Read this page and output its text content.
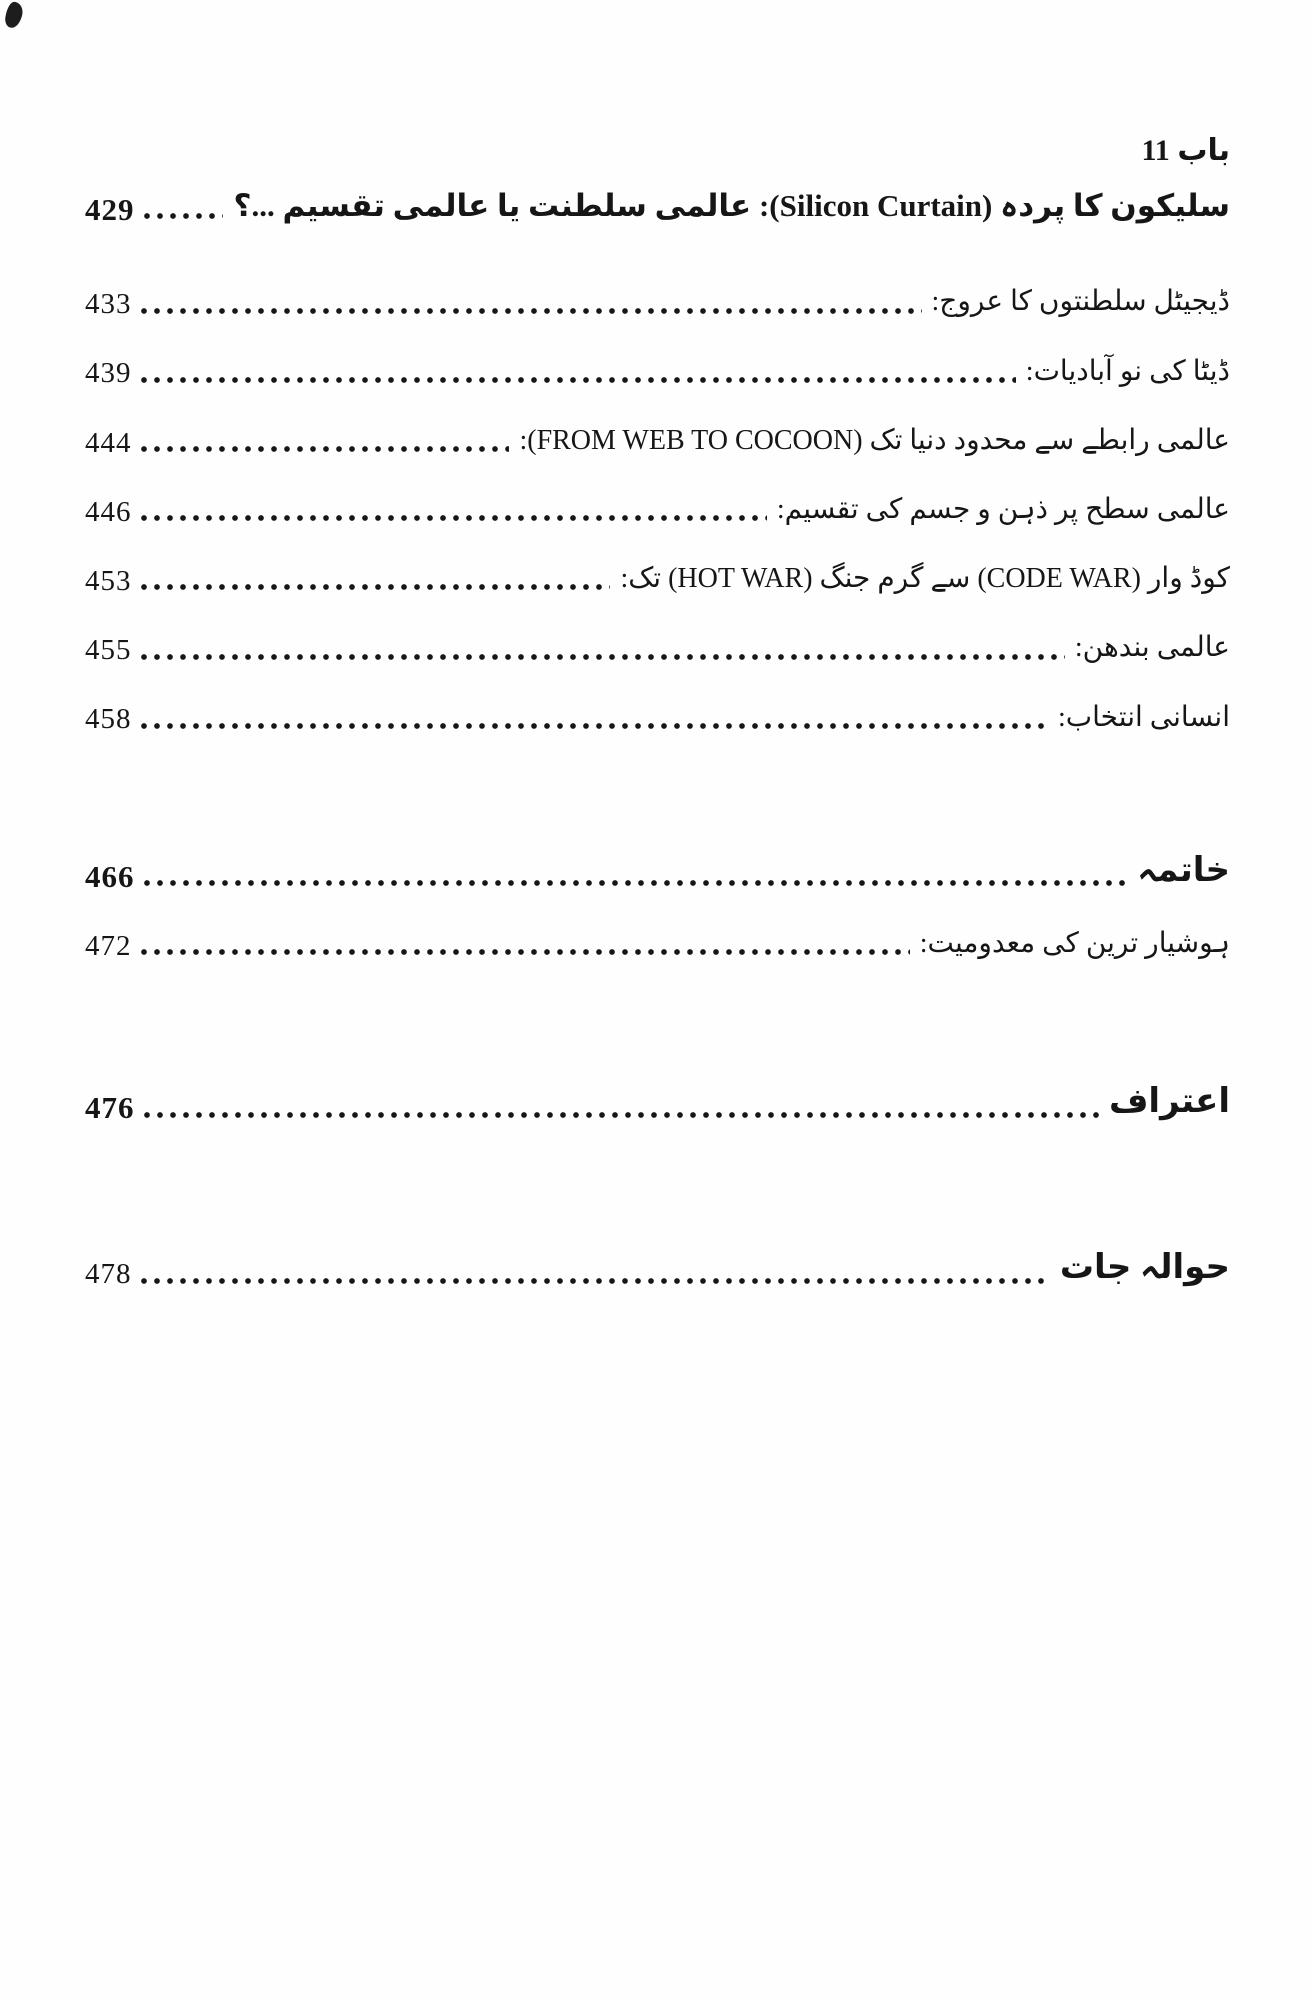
باب 11
429	سلیکون کا پردہ (Silicon Curtain): عالمی سلطنت یا عالمی تقسیم ...؟
433	ڈیجیٹل سلطنتوں کا عروج:
439	ڈیٹا کی نو آبادیات:
444	عالمی رابطے سے محدود دنیا تک (FROM WEB TO COCOON):
446	عالمی سطح پر ذہن و جسم کی تقسیم:
453	کوڈ وار (CODE WAR) سے گرم جنگ (HOT WAR) تک:
455	عالمی بندھن:
458	انسانی انتخاب:
466	خاتمہ
472	ہوشیار ترین کی معدومیت:
476	اعتراف
478	حوالہ جات
